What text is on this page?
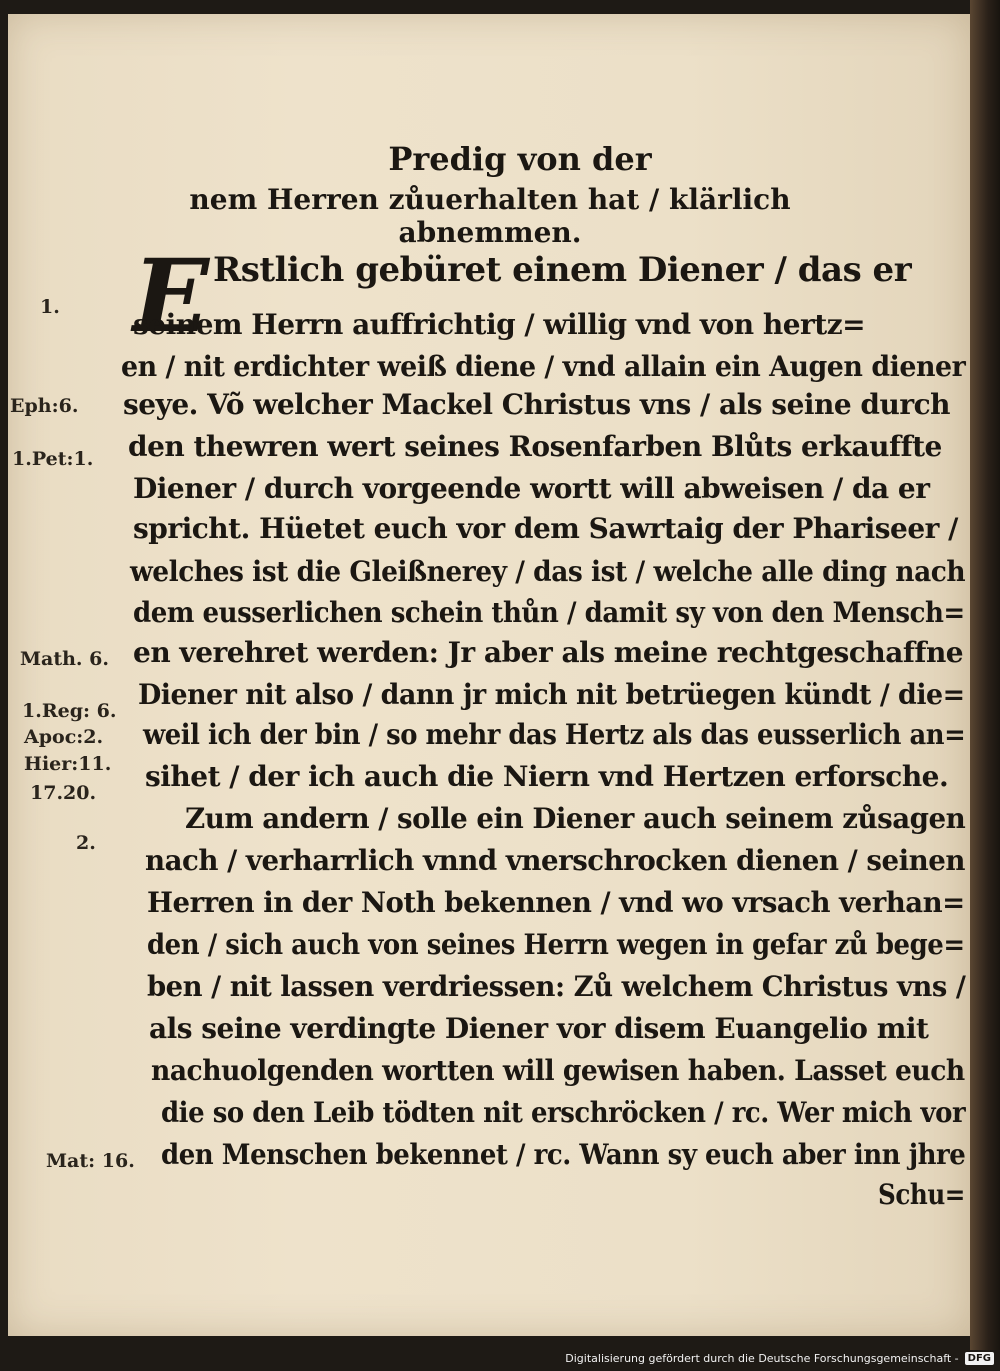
Predig von der
nem Herren zůuerhalten hat / klärlich abnemmen.
E Rstlich gebüret einem Diener / das er
seinem Herrn auffrichtig / willig vnd von hertz=
en / nit erdichter weiß diene / vnd allain ein Augen diener
seye. Võ welcher Mackel Christus vns / als seine durch
den thewren wert seines Rosenfarben Blůts erkauffte
Diener / durch vorgeende wortt will abweisen / da er
spricht. Hüetet euch vor dem Sawrtaig der Phariseer /
welches ist die Gleißnerey / das ist / welche alle ding nach
dem eusserlichen schein thůn / damit sy von den Mensch=
en verehret werden: Jr aber als meine rechtgeschaffne
Diener nit also / dann jr mich nit betrüegen kündt / die=
weil ich der bin / so mehr das Hertz als das eusserlich an=
sihet / der ich auch die Niern vnd Hertzen erforsche.
Zum andern / solle ein Diener auch seinem zůsagen
nach / verharrlich vnnd vnerschrocken dienen / seinen
Herren in der Noth bekennen / vnd wo vrsach verhan=
den / sich auch von seines Herrn wegen in gefar zů bege=
ben / nit lassen verdriessen: Zů welchem Christus vns /
als seine verdingte Diener vor disem Euangelio mit
nachuolgenden wortten will gewisen haben. Lasset euch
die so den Leib tödten nit erschröcken / rc. Wer mich vor
den Menschen bekennet / rc. Wann sy euch aber inn jhre
Schu=
1.
Eph:6.
1.Pet:1.
Math. 6.
1.Reg: 6.
Apoc:2.
Hier:11.
17.20.
2.
Mat: 16.
Digitalisierung gefördert durch die Deutsche Forschungsgemeinschaft - DFG
